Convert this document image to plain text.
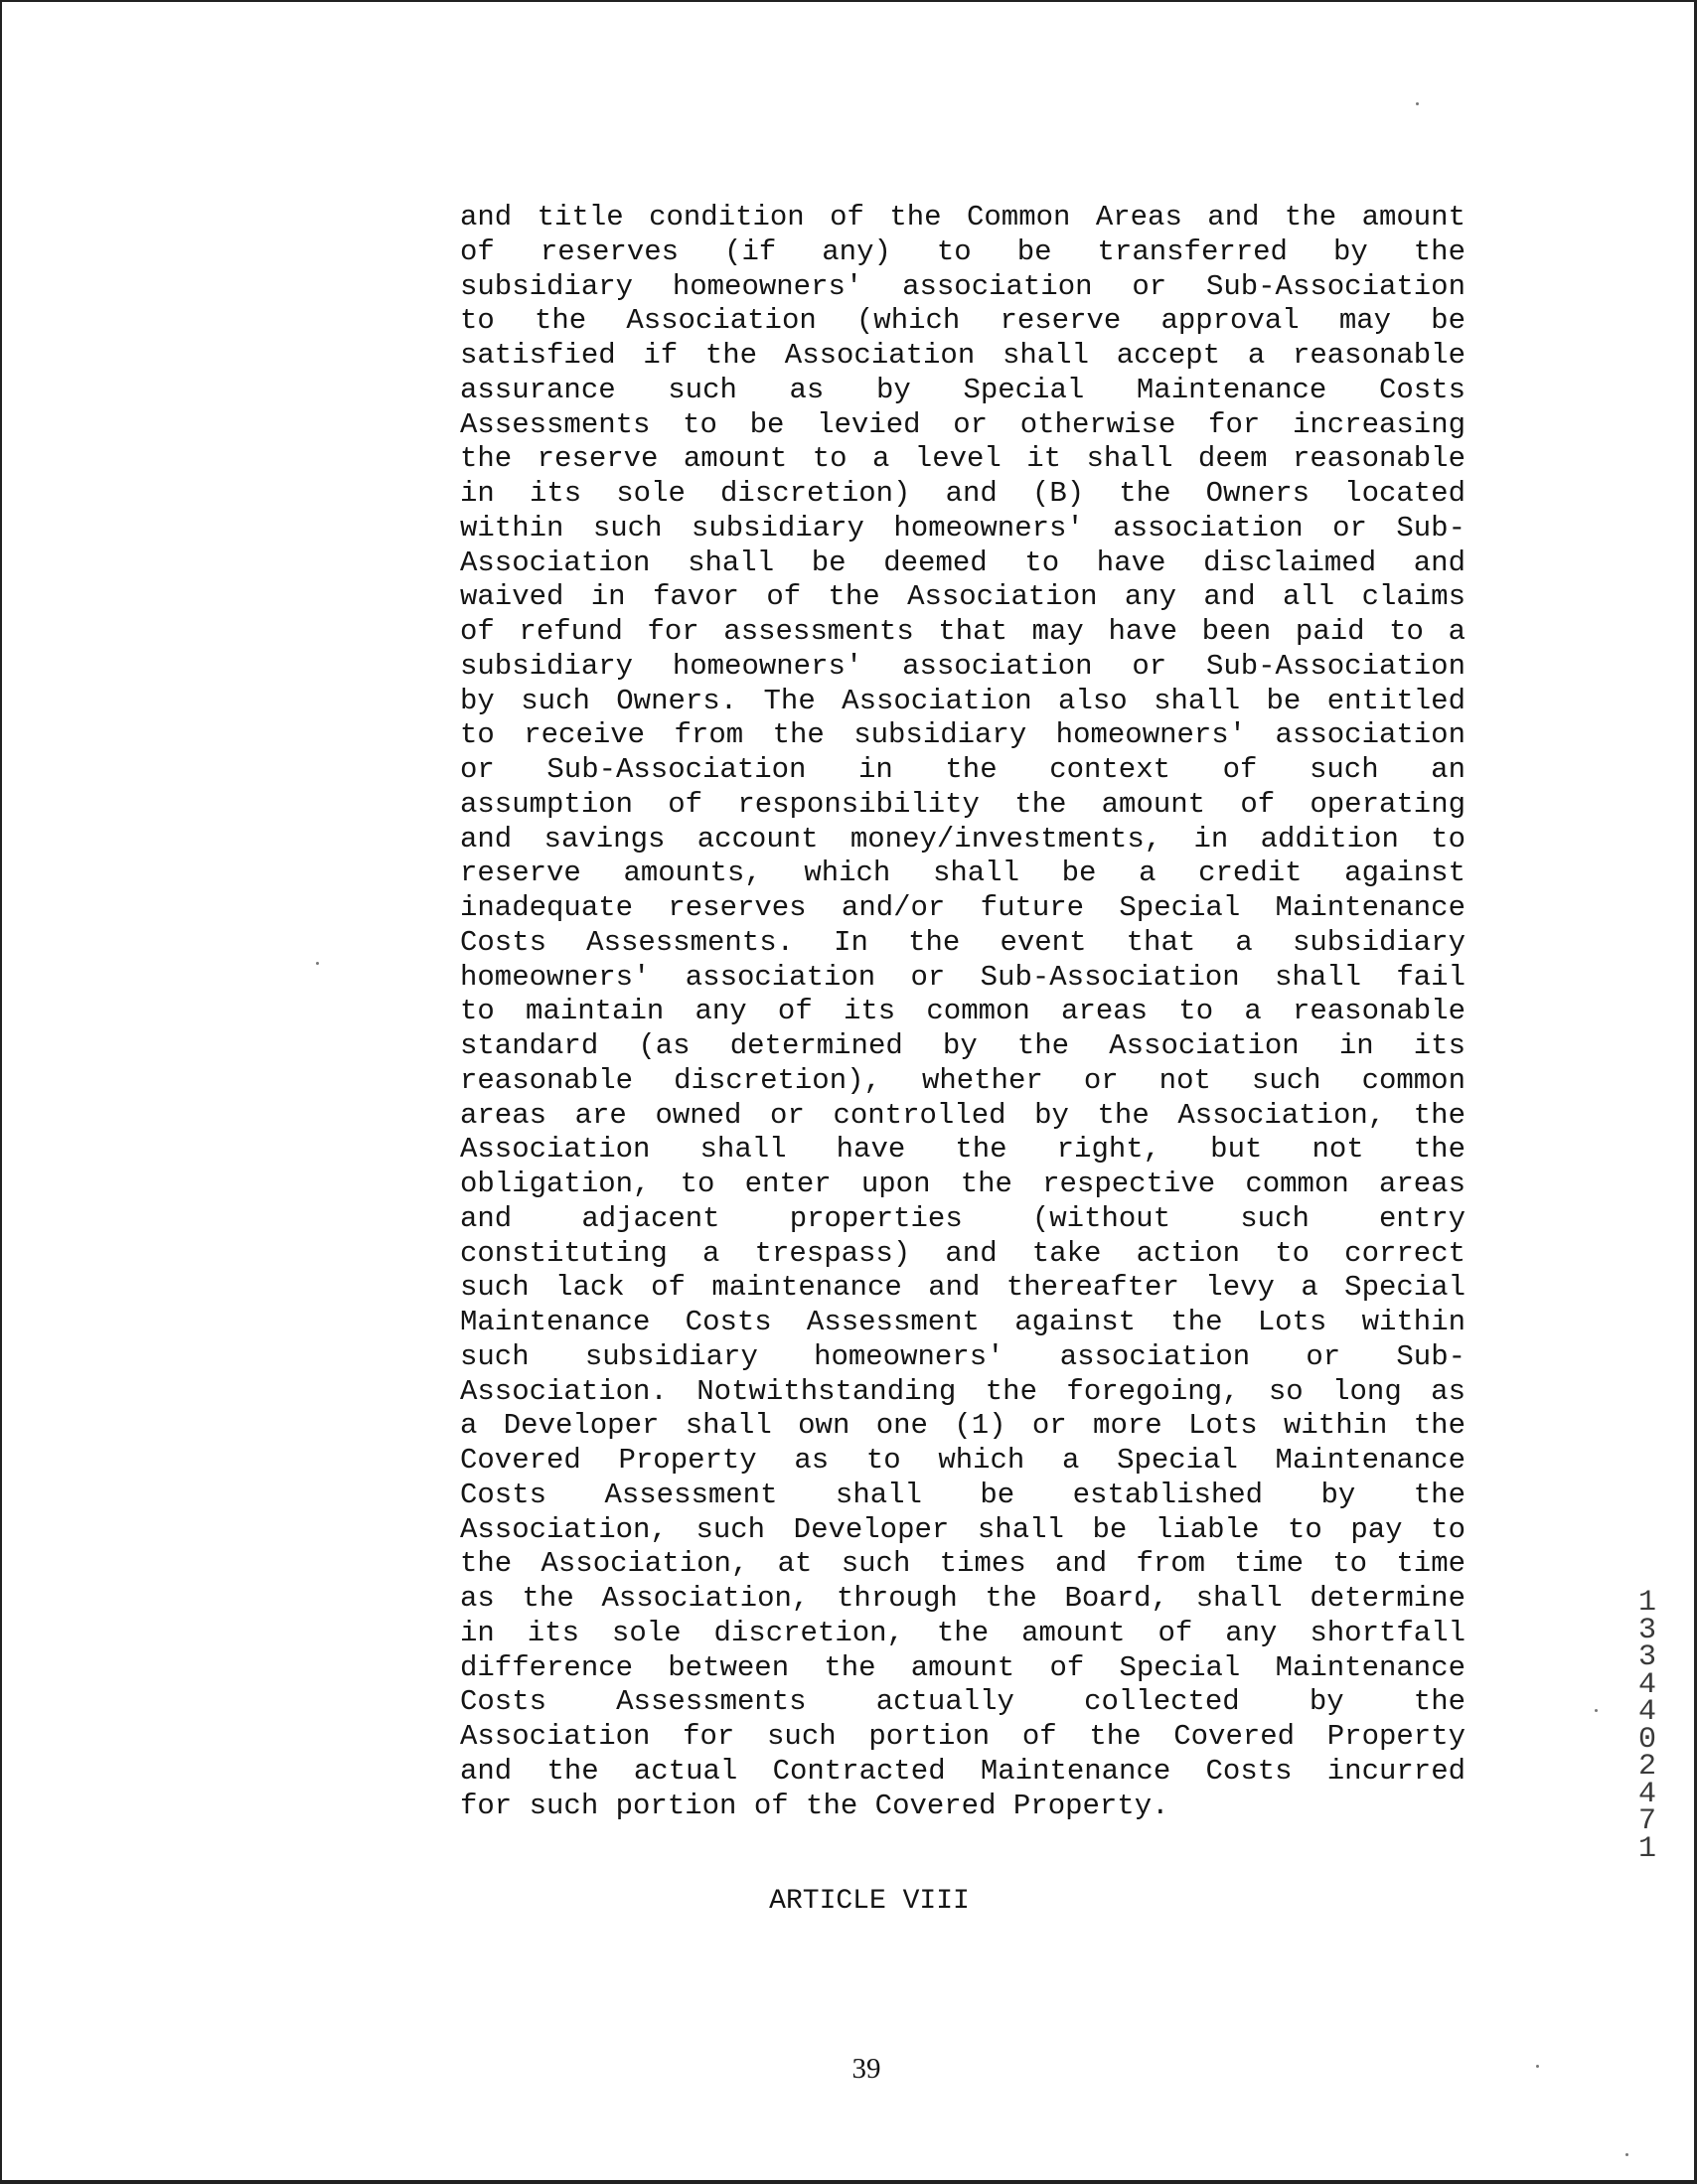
and title condition of the Common Areas and the amount
of reserves (if any) to be transferred by the
subsidiary homeowners' association or Sub-Association
to the Association (which reserve approval may be
satisfied if the Association shall accept a reasonable
assurance such as by Special Maintenance Costs
Assessments to be levied or otherwise for increasing
the reserve amount to a level it shall deem reasonable
in its sole discretion) and (B) the Owners located
within such subsidiary homeowners' association or Sub-
Association shall be deemed to have disclaimed and
waived in favor of the Association any and all claims
of refund for assessments that may have been paid to a
subsidiary homeowners' association or Sub-Association
by such Owners. The Association also shall be entitled
to receive from the subsidiary homeowners' association
or Sub-Association in the context of such an
assumption of responsibility the amount of operating
and savings account money/investments, in addition to
reserve amounts, which shall be a credit against
inadequate reserves and/or future Special Maintenance
Costs Assessments. In the event that a subsidiary
homeowners' association or Sub-Association shall fail
to maintain any of its common areas to a reasonable
standard (as determined by the Association in its
reasonable discretion), whether or not such common
areas are owned or controlled by the Association, the
Association shall have the right, but not the
obligation, to enter upon the respective common areas
and adjacent properties (without such entry
constituting a trespass) and take action to correct
such lack of maintenance and thereafter levy a Special
Maintenance Costs Assessment against the Lots within
such subsidiary homeowners' association or Sub-
Association. Notwithstanding the foregoing, so long as
a Developer shall own one (1) or more Lots within the
Covered Property as to which a Special Maintenance
Costs Assessment shall be established by the
Association, such Developer shall be liable to pay to
the Association, at such times and from time to time
as the Association, through the Board, shall determine
in its sole discretion, the amount of any shortfall
difference between the amount of Special Maintenance
Costs Assessments actually collected by the
Association for such portion of the Covered Property
and the actual Contracted Maintenance Costs incurred
for such portion of the Covered Property.
ARTICLE VIII
13344 02471
39
